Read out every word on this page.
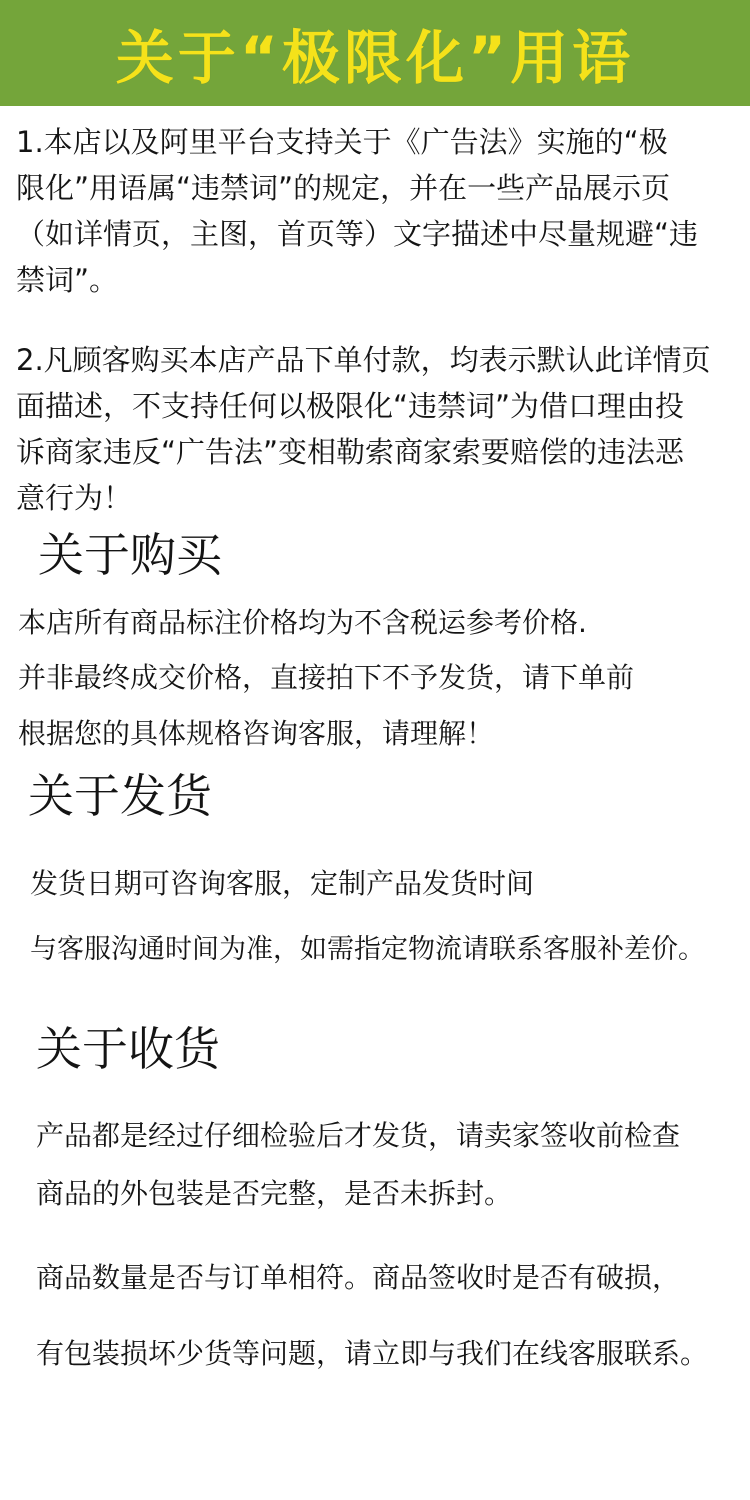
关于“极限化”用语
1.本店以及阿里平台支持关于《广告法》实施的“极
限化”用语属“违禁词”的规定，并在一些产品展示页
（如详情页，主图，首页等）文字描述中尽量规避“违
禁词”。
2.凡顾客购买本店产品下单付款，均表示默认此详情页
面描述，不支持任何以极限化“违禁词”为借口理由投
诉商家违反“广告法”变相勒索商家索要赔偿的违法恶
意行为！
关于购买
本店所有商品标注价格均为不含税运参考价格.
并非最终成交价格，直接拍下不予发货，请下单前
根据您的具体规格咨询客服，请理解！
关于发货
发货日期可咨询客服，定制产品发货时间
与客服沟通时间为准，如需指定物流请联系客服补差价。
关于收货
产品都是经过仔细检验后才发货，请卖家签收前检查
商品的外包装是否完整，是否未拆封。
商品数量是否与订单相符。商品签收时是否有破损，
有包装损坏少货等问题，请立即与我们在线客服联系。
